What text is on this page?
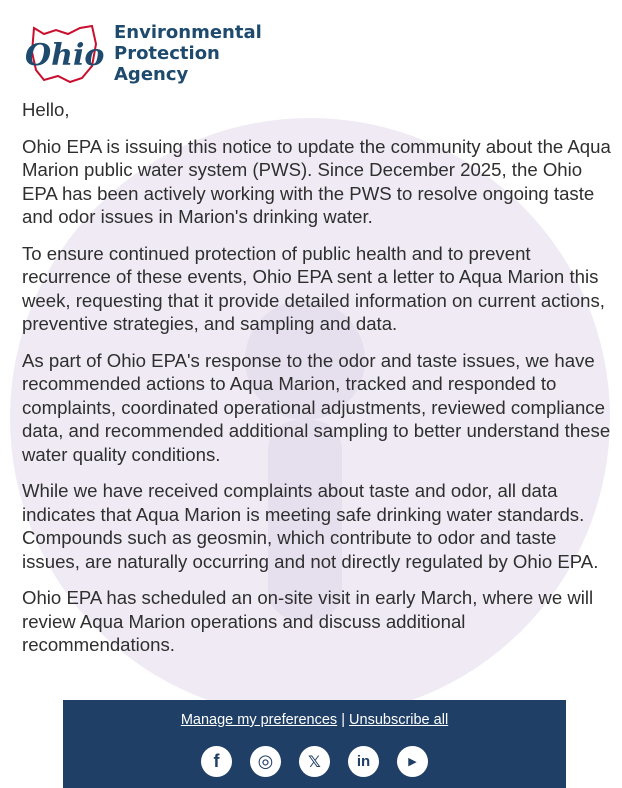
Ohio
Environmental
Protection
Agency

Hello,

Ohio EPA is issuing this notice to update the community about the Aqua Marion public water system (PWS). Since December 2025, the Ohio EPA has been actively working with the PWS to resolve ongoing taste and odor issues in Marion's drinking water.

To ensure continued protection of public health and to prevent recurrence of these events, Ohio EPA sent a letter to Aqua Marion this week, requesting that it provide detailed information on current actions, preventive strategies, and sampling and data.

As part of Ohio EPA's response to the odor and taste issues, we have recommended actions to Aqua Marion, tracked and responded to complaints, coordinated operational adjustments, reviewed compliance data, and recommended additional sampling to better understand these water quality conditions.

While we have received complaints about taste and odor, all data indicates that Aqua Marion is meeting safe drinking water standards. Compounds such as geosmin, which contribute to odor and taste issues, are naturally occurring and not directly regulated by Ohio EPA.

Ohio EPA has scheduled an on-site visit in early March, where we will review Aqua Marion operations and discuss additional recommendations.

Manage my preferences | Unsubscribe all
f ◎ 𝕏 in	▶
